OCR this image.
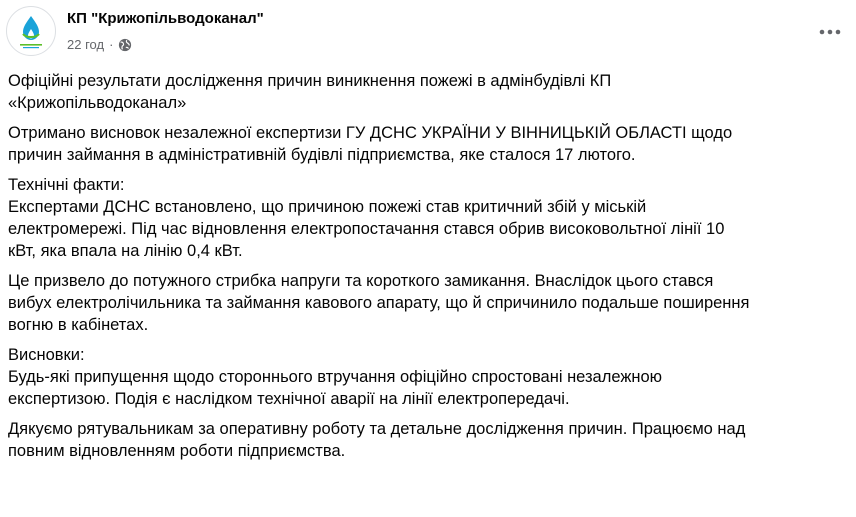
КП "Крижопільводоканал"
22 год ·

Офіційні результати дослідження причин виникнення пожежі в адмінбудівлі КП
«Крижопільводоканал»

Отримано висновок незалежної експертизи ГУ ДСНС УКРАЇНИ У ВІННИЦЬКІЙ ОБЛАСТІ щодо
причин займання в адміністративній будівлі підприємства, яке сталося 17 лютого.

Технічні факти:
Експертами ДСНС встановлено, що причиною пожежі став критичний збій у міській
електромережі. Під час відновлення електропостачання стався обрив високовольтної лінії 10
кВт, яка впала на лінію 0,4 кВт.

Це призвело до потужного стрибка напруги та короткого замикання. Внаслідок цього стався
вибух електролічильника та займання кавового апарату, що й спричинило подальше поширення
вогню в кабінетах.

Висновки:
Будь-які припущення щодо стороннього втручання офіційно спростовані незалежною
експертизою. Подія є наслідком технічної аварії на лінії електропередачі.

Дякуємо рятувальникам за оперативну роботу та детальне дослідження причин. Працюємо над
повним відновленням роботи підприємства.
